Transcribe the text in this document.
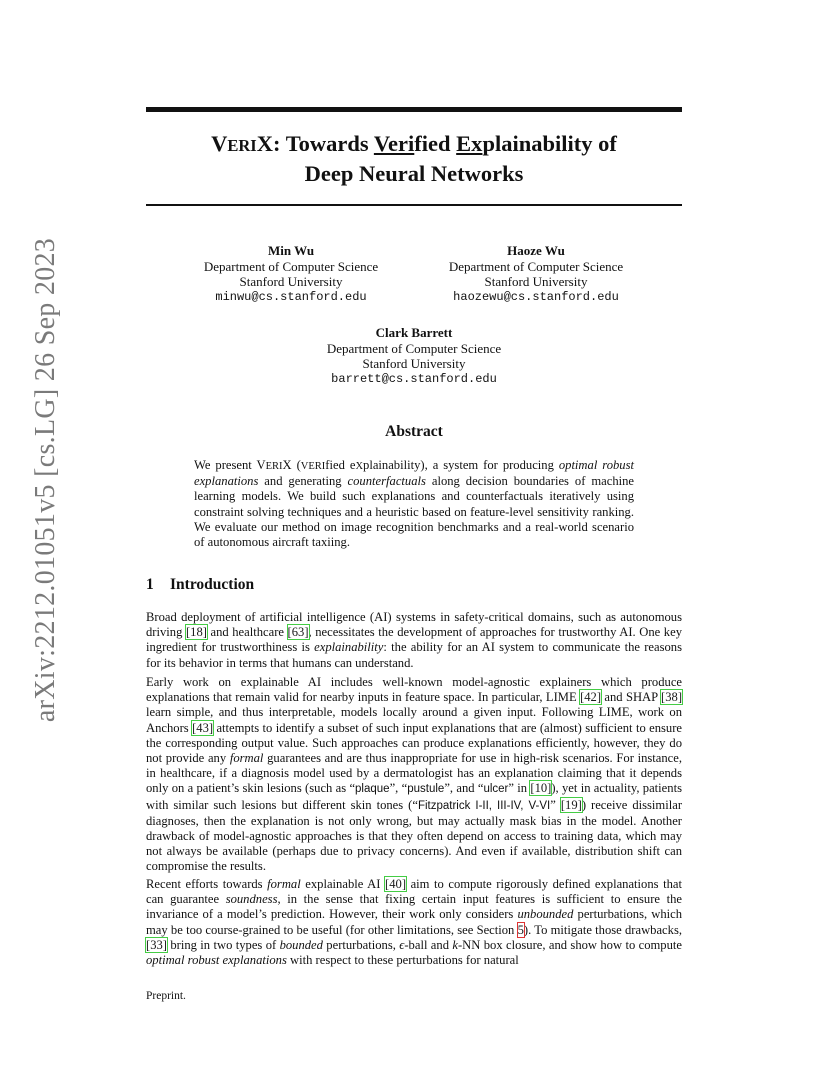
VERIX: Towards Verified Explainability of
Deep Neural Networks
arXiv:2212.01051v5 [cs.LG] 26 Sep 2023	Min Wu
Department of Computer Science
Stanford University
minwu@cs.stanford.edu
Haoze Wu
Department of Computer Science
Stanford University
haozewu@cs.stanford.edu
Clark Barrett
Department of Computer Science
Stanford University
barrett@cs.stanford.edu
Abstract
We present VERIX (VERIfied eXplainability), a system for producing optimal robust explanations and generating counterfactuals along decision boundaries of machine learning models. We build such explanations and counterfactuals iteratively using constraint solving techniques and a heuristic based on feature-level sensitivity ranking. We evaluate our method on image recognition benchmarks and a real-world scenario of autonomous aircraft taxiing.
1 Introduction
Broad deployment of artificial intelligence (AI) systems in safety-critical domains, such as autonomous driving [18] and healthcare [63], necessitates the development of approaches for trustworthy AI. One key ingredient for trustworthiness is explainability: the ability for an AI system to communicate the reasons for its behavior in terms that humans can understand.
Early work on explainable AI includes well-known model-agnostic explainers which produce explanations that remain valid for nearby inputs in feature space. In particular, LIME [42] and SHAP [38] learn simple, and thus interpretable, models locally around a given input. Following LIME, work on Anchors [43] attempts to identify a subset of such input explanations that are (almost) sufficient to ensure the corresponding output value. Such approaches can produce explanations efficiently, however, they do not provide any formal guarantees and are thus inappropriate for use in high-risk scenarios. For instance, in healthcare, if a diagnosis model used by a dermatologist has an explanation claiming that it depends only on a patient’s skin lesions (such as “plaque”, “pustule”, and “ulcer” in [10]), yet in actuality, patients with similar such lesions but different skin tones (“Fitzpatrick I-II, III-IV, V-VI” [19]) receive dissimilar diagnoses, then the explanation is not only wrong, but may actually mask bias in the model. Another drawback of model-agnostic approaches is that they often depend on access to training data, which may not always be available (perhaps due to privacy concerns). And even if available, distribution shift can compromise the results.
Recent efforts towards formal explainable AI [40] aim to compute rigorously defined explanations that can guarantee soundness, in the sense that fixing certain input features is sufficient to ensure the invariance of a model’s prediction. However, their work only considers unbounded perturbations, which may be too course-grained to be useful (for other limitations, see Section 5). To mitigate those drawbacks, [33] bring in two types of bounded perturbations, ϵ-ball and k-NN box closure, and show how to compute optimal robust explanations with respect to these perturbations for natural
Preprint.
